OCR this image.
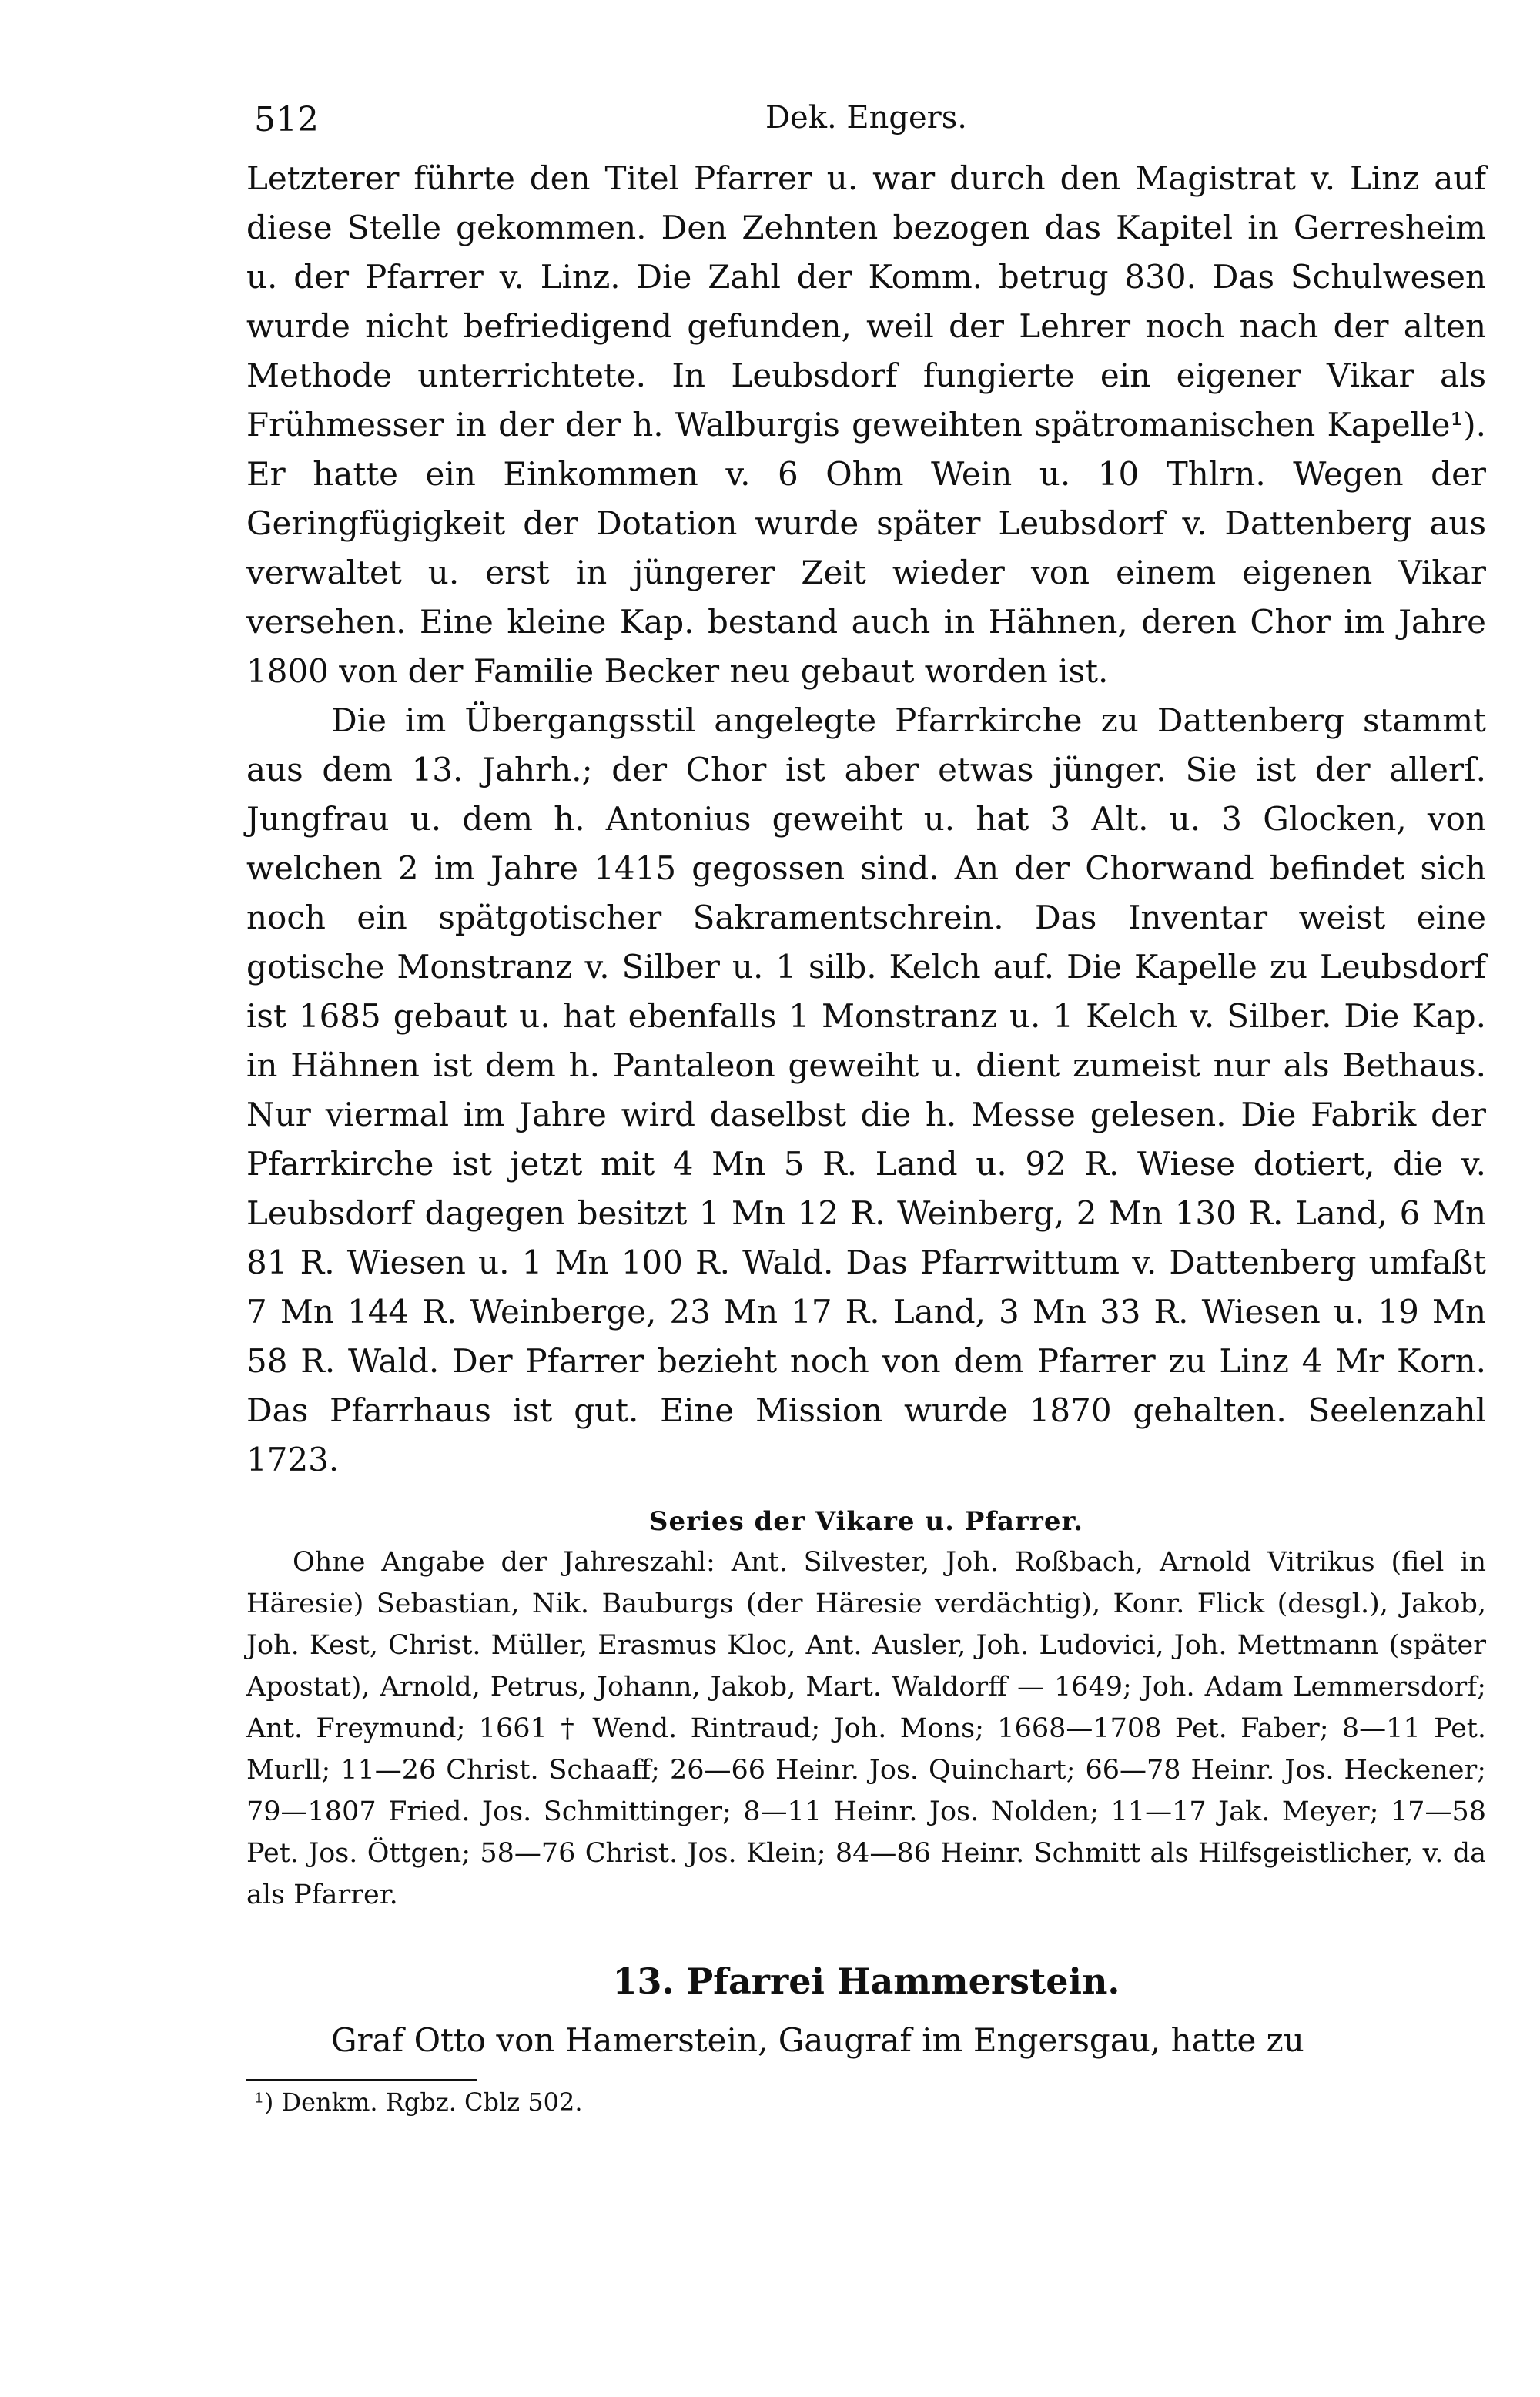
512	Dek. Engers.

Letzterer führte den Titel Pfarrer u. war durch den Magistrat v. Linz auf diese Stelle gekommen. Den Zehnten bezogen das Kapitel in Gerresheim u. der Pfarrer v. Linz. Die Zahl der Komm. betrug 830. Das Schulwesen wurde nicht befriedigend gefunden, weil der Lehrer noch nach der alten Methode unterrichtete. In Leubsdorf fungierte ein eigener Vikar als Frühmesser in der der h. Walburgis geweihten spätromanischen Kapelle¹). Er hatte ein Einkommen v. 6 Ohm Wein u. 10 Thlrn. Wegen der Geringfügigkeit der Dotation wurde später Leubsdorf v. Dattenberg aus verwaltet u. erst in jüngerer Zeit wieder von einem eigenen Vikar versehen. Eine kleine Kap. bestand auch in Hähnen, deren Chor im Jahre 1800 von der Familie Becker neu gebaut worden ist.

Die im Übergangsstil angelegte Pfarrkirche zu Dattenberg stammt aus dem 13. Jahrh.; der Chor ist aber etwas jünger. Sie ist der allerſ. Jungfrau u. dem h. Antonius geweiht u. hat 3 Alt. u. 3 Glocken, von welchen 2 im Jahre 1415 gegossen sind. An der Chorwand befindet sich noch ein spätgotischer Sakramentschrein. Das Inventar weist eine gotische Monstranz v. Silber u. 1 silb. Kelch auf. Die Kapelle zu Leubsdorf ist 1685 gebaut u. hat ebenfalls 1 Monstranz u. 1 Kelch v. Silber. Die Kap. in Hähnen ist dem h. Pantaleon geweiht u. dient zumeist nur als Bethaus. Nur viermal im Jahre wird daselbst die h. Messe gelesen. Die Fabrik der Pfarrkirche ist jetzt mit 4 Mn 5 R. Land u. 92 R. Wiese dotiert, die v. Leubsdorf dagegen besitzt 1 Mn 12 R. Weinberg, 2 Mn 130 R. Land, 6 Mn 81 R. Wiesen u. 1 Mn 100 R. Wald. Das Pfarrwittum v. Dattenberg umfaßt 7 Mn 144 R. Weinberge, 23 Mn 17 R. Land, 3 Mn 33 R. Wiesen u. 19 Mn 58 R. Wald. Der Pfarrer bezieht noch von dem Pfarrer zu Linz 4 Mr Korn. Das Pfarrhaus ist gut. Eine Mission wurde 1870 gehalten. Seelenzahl 1723.

Series der Vikare u. Pfarrer.

Ohne Angabe der Jahreszahl: Ant. Silvester, Joh. Roßbach, Arnold Vitrikus (fiel in Häresie) Sebastian, Nik. Bauburgs (der Häresie verdächtig), Konr. Flick (desgl.), Jakob, Joh. Kest, Christ. Müller, Erasmus Kloc, Ant. Ausler, Joh. Ludovici, Joh. Mettmann (später Apostat), Arnold, Petrus, Johann, Jakob, Mart. Waldorff — 1649; Joh. Adam Lemmersdorf; Ant. Freymund; 1661 † Wend. Rintraud; Joh. Mons; 1668—1708 Pet. Faber; 8—11 Pet. Murll; 11—26 Christ. Schaaff; 26—66 Heinr. Jos. Quinchart; 66—78 Heinr. Jos. Heckener; 79—1807 Fried. Jos. Schmittinger; 8—11 Heinr. Jos. Nolden; 11—17 Jak. Meyer; 17—58 Pet. Jos. Öttgen; 58—76 Christ. Jos. Klein; 84—86 Heinr. Schmitt als Hilfsgeistlicher, v. da als Pfarrer.

13. Pfarrei Hammerstein.

Graf Otto von Hamerstein, Gaugraf im Engersgau, hatte zu

¹) Denkm. Rgbz. Cblz 502.
